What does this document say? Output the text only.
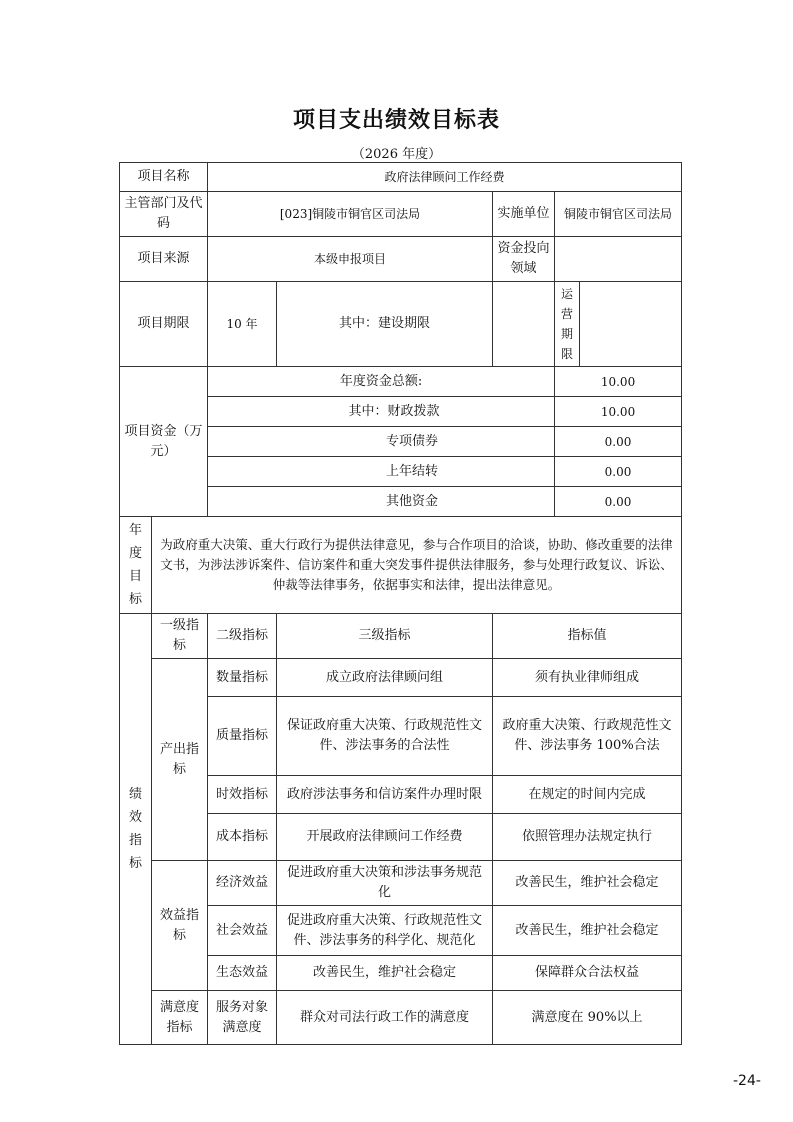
项目支出绩效目标表
（2026 年度）
项目名称		政府法律顾问工作经费				
主管部门及代码		[023]铜陵市铜官区司法局		实施单位	铜陵市铜官区司法局	
项目来源		本级申报项目		资金投向领域		
项目期限		10 年	其中：建设期限		运营期限	
项目资金（万元）		年度资金总额:			10.00	
		其中：财政拨款			10.00	
		专项债券			0.00	
		上年结转			0.00	
		其他资金			0.00	
年度目标	为政府重大决策、重大行政行为提供法律意见，参与合作项目的洽谈，协助、修改重要的法律文书，为涉法涉诉案件、信访案件和重大突发事件提供法律服务，参与处理行政复议、诉讼、仲裁等法律事务，依据事实和法律，提出法律意见。					
绩效指标	一级指标	二级指标	三级指标	指标值		
	产出指标	数量指标	成立政府法律顾问组	须有执业律师组成		
		质量指标	保证政府重大决策、行政规范性文件、涉法事务的合法性	政府重大决策、行政规范性文件、涉法事务 100%合法		
		时效指标	政府涉法事务和信访案件办理时限	在规定的时间内完成		
		成本指标	开展政府法律顾问工作经费	依照管理办法规定执行		
	效益指标	经济效益	促进政府重大决策和涉法事务规范化	改善民生，维护社会稳定		
		社会效益	促进政府重大决策、行政规范性文件、涉法事务的科学化、规范化	改善民生，维护社会稳定		
		生态效益	改善民生，维护社会稳定	保障群众合法权益		
	满意度指标	服务对象满意度	群众对司法行政工作的满意度	满意度在 90%以上		
-24-
